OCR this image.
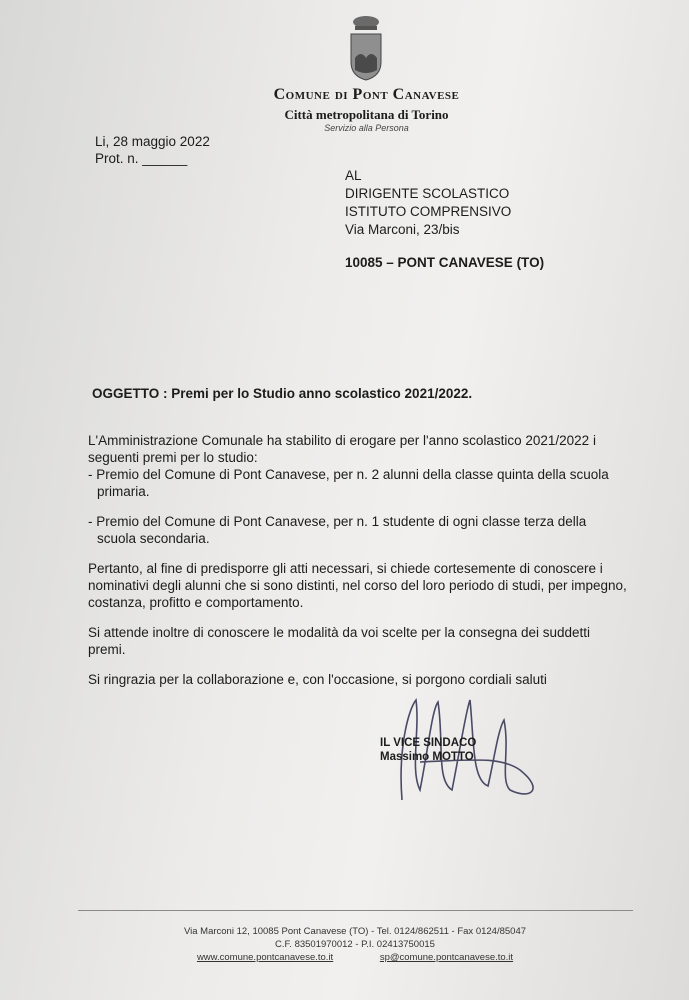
Comune di Pont Canavese
Città metropolitana di Torino
Servizio alla Persona
Li, 28 maggio 2022
Prot. n. ______
AL
DIRIGENTE SCOLASTICO
ISTITUTO COMPRENSIVO
Via Marconi, 23/bis
10085 – PONT CANAVESE (TO)
OGGETTO : Premi per lo Studio anno scolastico 2021/2022.

L'Amministrazione Comunale ha stabilito di erogare per l'anno scolastico 2021/2022 i seguenti premi per lo studio:

- Premio del Comune di Pont Canavese, per n. 2 alunni della classe quinta della scuola primaria.

- Premio del Comune di Pont Canavese, per n. 1 studente di ogni classe terza della scuola secondaria.

Pertanto, al fine di predisporre gli atti necessari, si chiede cortesemente di conoscere i nominativi degli alunni che si sono distinti, nel corso del loro periodo di studi, per impegno, costanza, profitto e comportamento.

Si attende inoltre di conoscere le modalità da voi scelte per la consegna dei suddetti premi.

Si ringrazia per la collaborazione e, con l'occasione, si porgono cordiali saluti

IL VICE SINDACO
Massimo MOTTO
Via Marconi 12, 10085 Pont Canavese (TO) - Tel. 0124/862511 - Fax 0124/85047
C.F. 83501970012 - P.I. 02413750015
www.comune.pontcanavese.to.it	sp@comune.pontcanavese.to.it
